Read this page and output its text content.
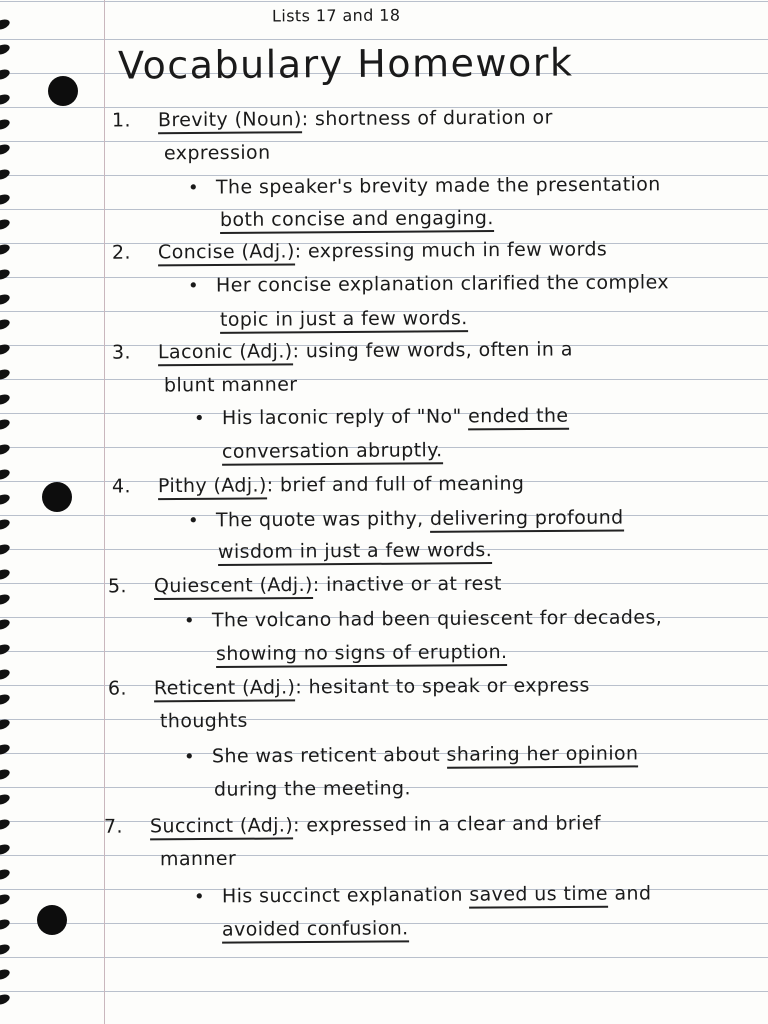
Lists 17 and 18
Vocabulary Homework
1. Brevity (Noun): shortness of duration or
expression
• The speaker's brevity made the presentation
both concise and engaging.
2. Concise (Adj.): expressing much in few words
• Her concise explanation clarified the complex
topic in just a few words.
3. Laconic (Adj.): using few words, often in a
blunt manner
• His laconic reply of "No" ended the
conversation abruptly.
4. Pithy (Adj.): brief and full of meaning
• The quote was pithy, delivering profound
wisdom in just a few words.
5. Quiescent (Adj.): inactive or at rest
• The volcano had been quiescent for decades,
showing no signs of eruption.
6. Reticent (Adj.): hesitant to speak or express
thoughts
• She was reticent about sharing her opinion
during the meeting.
7. Succinct (Adj.): expressed in a clear and brief
manner
• His succinct explanation saved us time and
avoided confusion.
